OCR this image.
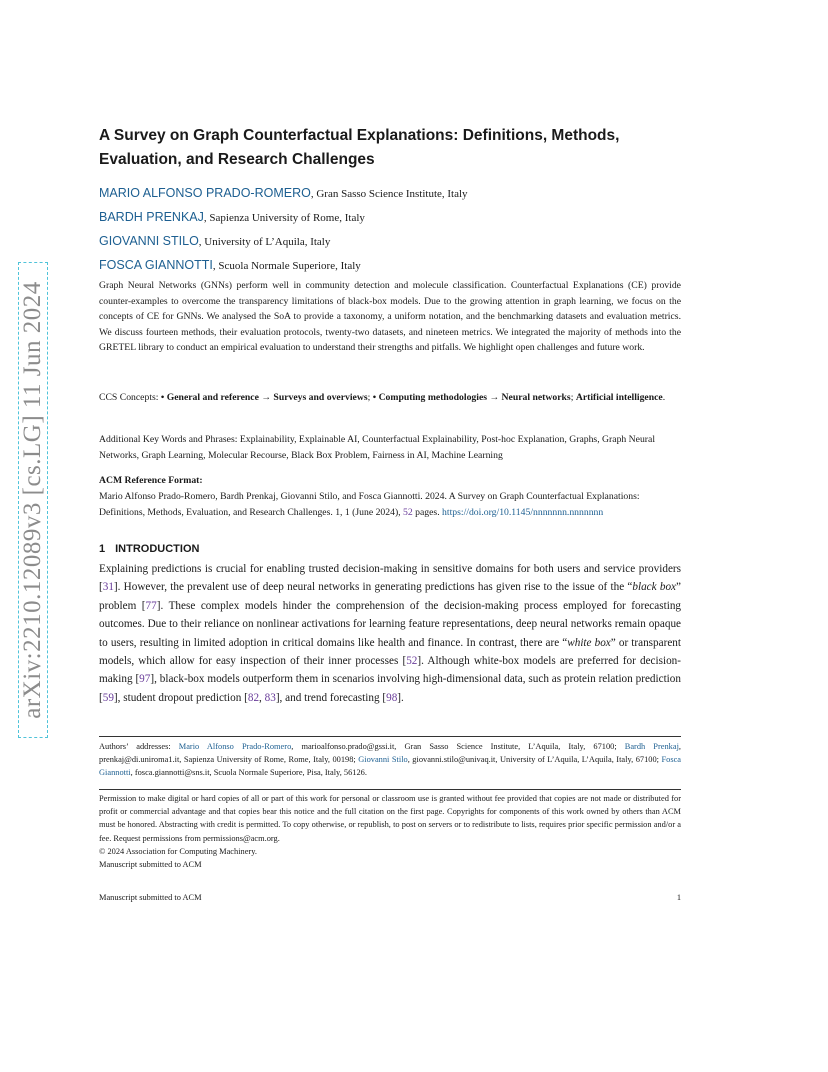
arXiv:2210.12089v3 [cs.LG] 11 Jun 2024
A Survey on Graph Counterfactual Explanations: Definitions, Methods, Evaluation, and Research Challenges
MARIO ALFONSO PRADO-ROMERO, Gran Sasso Science Institute, Italy
BARDH PRENKAJ, Sapienza University of Rome, Italy
GIOVANNI STILO, University of L’Aquila, Italy
FOSCA GIANNOTTI, Scuola Normale Superiore, Italy

Graph Neural Networks (GNNs) perform well in community detection and molecule classification. Counterfactual Explanations (CE) provide counter-examples to overcome the transparency limitations of black-box models. Due to the growing attention in graph learning, we focus on the concepts of CE for GNNs. We analysed the SoA to provide a taxonomy, a uniform notation, and the benchmarking datasets and evaluation metrics. We discuss fourteen methods, their evaluation protocols, twenty-two datasets, and nineteen metrics. We integrated the majority of methods into the GRETEL library to conduct an empirical evaluation to understand their strengths and pitfalls. We highlight open challenges and future work.

CCS Concepts: • General and reference → Surveys and overviews; • Computing methodologies → Neural networks; Artificial intelligence.

Additional Key Words and Phrases: Explainability, Explainable AI, Counterfactual Explainability, Post-hoc Explanation, Graphs, Graph Neural Networks, Graph Learning, Molecular Recourse, Black Box Problem, Fairness in AI, Machine Learning

ACM Reference Format:

Mario Alfonso Prado-Romero, Bardh Prenkaj, Giovanni Stilo, and Fosca Giannotti. 2024. A Survey on Graph Counterfactual Explanations: Definitions, Methods, Evaluation, and Research Challenges. 1, 1 (June 2024), 52 pages. https://doi.org/10.1145/nnnnnnn.nnnnnnn

1 INTRODUCTION

Explaining predictions is crucial for enabling trusted decision-making in sensitive domains for both users and service providers [31]. However, the prevalent use of deep neural networks in generating predictions has given rise to the issue of the “black box” problem [77]. These complex models hinder the comprehension of the decision-making process employed for forecasting outcomes. Due to their reliance on nonlinear activations for learning feature representations, deep neural networks remain opaque to users, resulting in limited adoption in critical domains like health and finance. In contrast, there are “white box” or transparent models, which allow for easy inspection of their inner processes [52]. Although white-box models are preferred for decision-making [97], black-box models outperform them in scenarios involving high-dimensional data, such as protein relation prediction [59], student dropout prediction [82, 83], and trend forecasting [98].

Authors’ addresses: Mario Alfonso Prado-Romero, marioalfonso.prado@gssi.it, Gran Sasso Science Institute, L’Aquila, Italy, 67100; Bardh Prenkaj, prenkaj@di.uniroma1.it, Sapienza University of Rome, Rome, Italy, 00198; Giovanni Stilo, giovanni.stilo@univaq.it, University of L’Aquila, L’Aquila, Italy, 67100; Fosca Giannotti, fosca.giannotti@sns.it, Scuola Normale Superiore, Pisa, Italy, 56126.

Permission to make digital or hard copies of all or part of this work for personal or classroom use is granted without fee provided that copies are not made or distributed for profit or commercial advantage and that copies bear this notice and the full citation on the first page. Copyrights for components of this work owned by others than ACM must be honored. Abstracting with credit is permitted. To copy otherwise, or republish, to post on servers or to redistribute to lists, requires prior specific permission and/or a fee. Request permissions from permissions@acm.org.
© 2024 Association for Computing Machinery.
Manuscript submitted to ACM
Manuscript submitted to ACM	1
